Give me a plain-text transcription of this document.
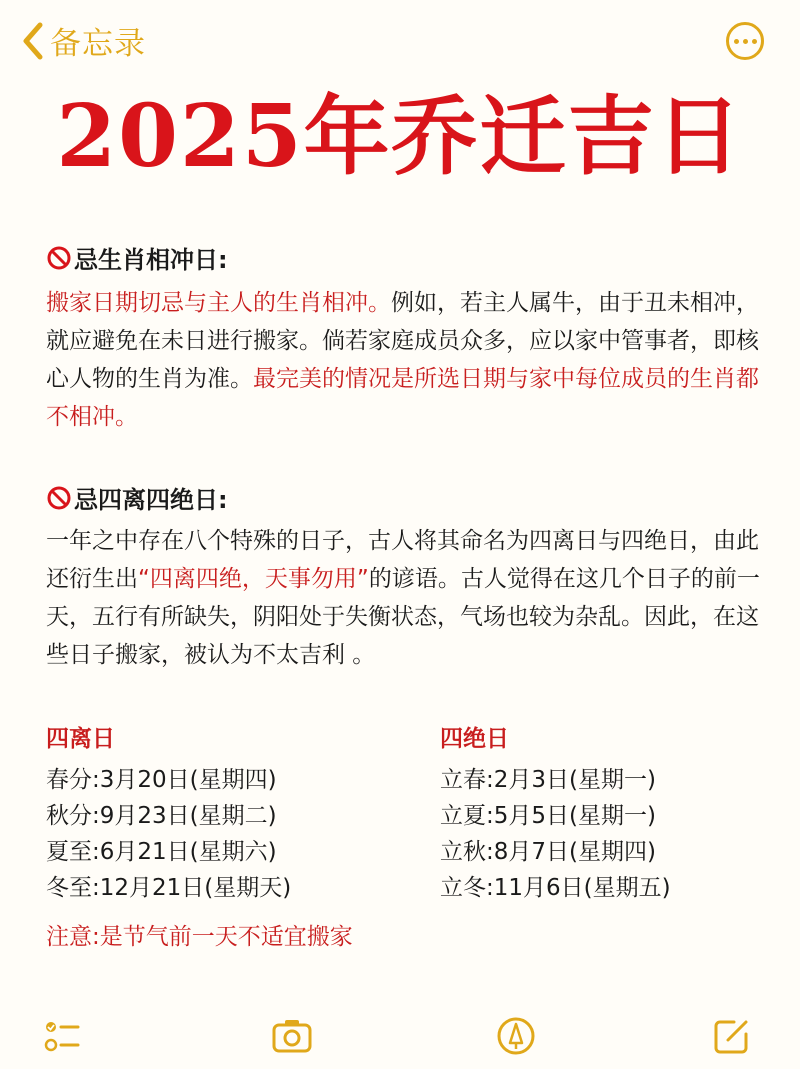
备忘录
2025年乔迁吉日
忌生肖相冲日:
搬家日期切忌与主人的生肖相冲。例如，若主人属牛，由于丑未相冲，就应避免在未日进行搬家。倘若家庭成员众多，应以家中管事者，即核心人物的生肖为准。最完美的情况是所选日期与家中每位成员的生肖都不相冲。
忌四离四绝日:
一年之中存在八个特殊的日子，古人将其命名为四离日与四绝日，由此还衍生出“四离四绝，天事勿用”的谚语。古人觉得在这几个日子的前一天，五行有所缺失，阴阳处于失衡状态，气场也较为杂乱。因此，在这些日子搬家，被认为不太吉利 。
四离日
春分:3月20日(星期四)
秋分:9月23日(星期二)
夏至:6月21日(星期六)
冬至:12月21日(星期天)
四绝日
立春:2月3日(星期一)
立夏:5月5日(星期一)
立秋:8月7日(星期四)
立冬:11月6日(星期五)
注意:是节气前一天不适宜搬家
